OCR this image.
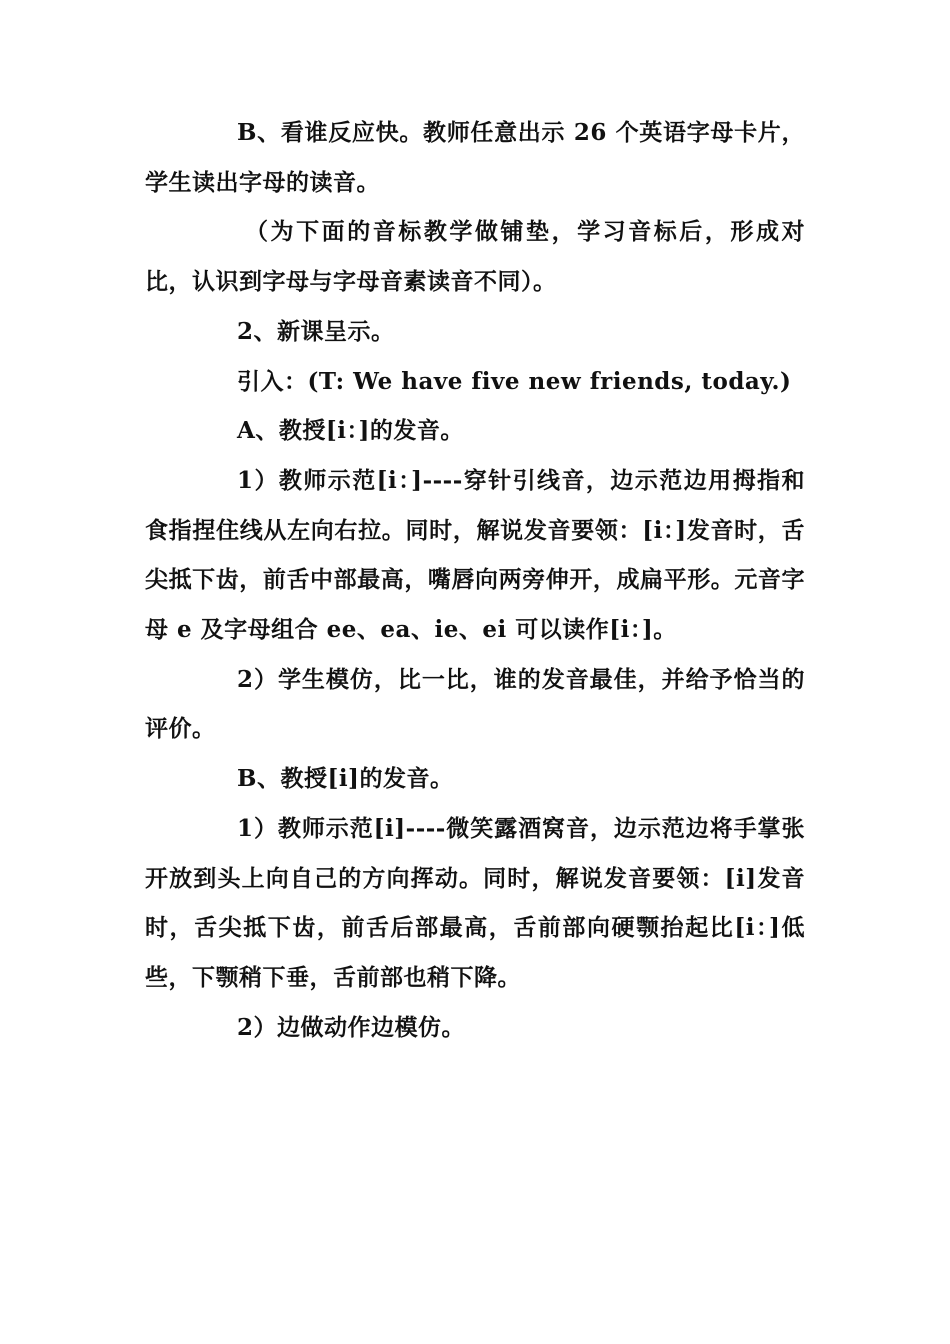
B、看谁反应快。教师任意出示 26 个英语字母卡片，学生读出字母的读音。

（为下面的音标教学做铺垫，学习音标后，形成对比，认识到字母与字母音素读音不同）。

2、新课呈示。

引入：(T: We have five new friends, today.)

A、教授[i：]的发音。

1）教师示范[i：]----穿针引线音，边示范边用拇指和食指捏住线从左向右拉。同时，解说发音要领：[i：]发音时，舌尖抵下齿，前舌中部最高，嘴唇向两旁伸开，成扁平形。元音字母 e 及字母组合 ee、ea、ie、ei 可以读作[i：]。

2）学生模仿，比一比，谁的发音最佳，并给予恰当的评价。

B、教授[i]的发音。

1）教师示范[i]----微笑露酒窝音，边示范边将手掌张开放到头上向自己的方向挥动。同时，解说发音要领：[i]发音时，舌尖抵下齿，前舌后部最高，舌前部向硬颚抬起比[i：]低些，下颚稍下垂，舌前部也稍下降。

2）边做动作边模仿。
